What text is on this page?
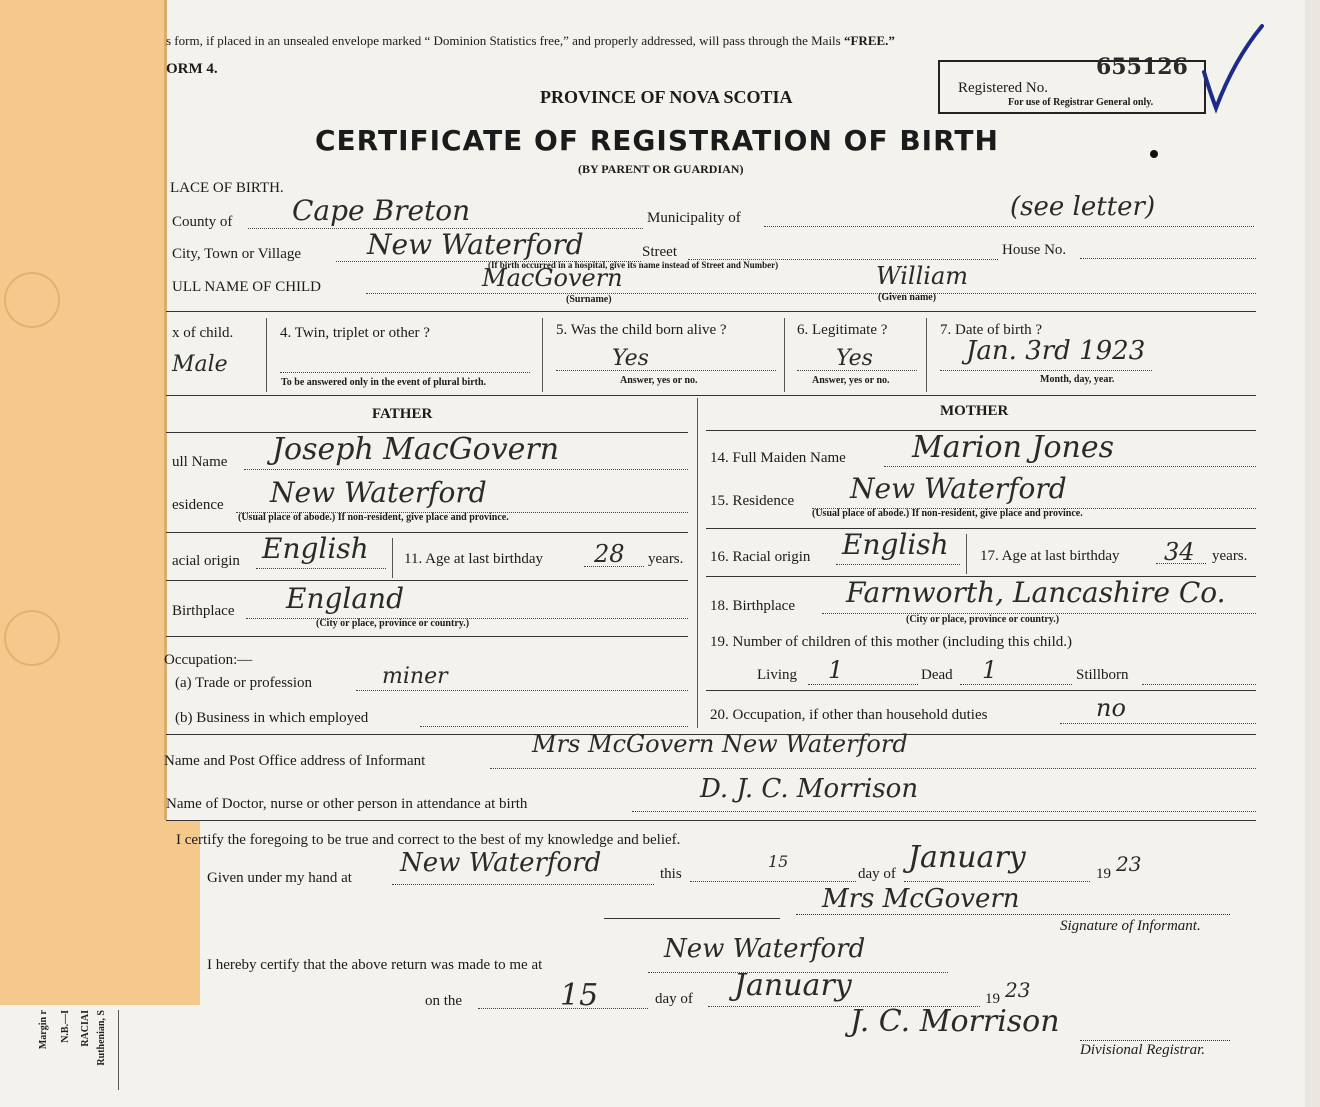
s form, if placed in an unsealed envelope marked “ Dominion Statistics free,” and properly addressed, will pass through the Mails “FREE.”
ORM 4.
PROVINCE OF NOVA SCOTIA
CERTIFICATE OF REGISTRATION OF BIRTH
(BY PARENT OR GUARDIAN)
Registered No.
For use of Registrar General only.
655126
LACE OF BIRTH.
County of Cape Breton	Municipality of	(see letter)
City, Town or Village New Waterford	Street	House No.
(If birth occurred in a hospital, give its name instead of Street and Number)
ULL NAME OF CHILD	MacGovern
(Surname)
William
(Given name)
x of child.
Male
4. Twin, triplet or other ?
To be answered only in the event of plural birth.
5. Was the child born alive ?
Yes
Answer, yes or no.
6. Legitimate ?
Yes
Answer, yes or no.
7. Date of birth ?
Jan. 3rd 1923
Month, day, year.
FATHER	MOTHER
ull Name Joseph MacGovern
esidence New Waterford
(Usual place of abode.) If non-resident, give place and province.
acial origin English 11. Age at last birthday 28 years.
Birthplace England
(City or place, province or country.)
Occupation:—
(a) Trade or profession	miner
(b) Business in which employed
14. Full Maiden Name Marion Jones
15. Residence New Waterford
(Usual place of abode.) If non-resident, give place and province.
16. Racial origin English 17. Age at last birthday 34 years.
18. Birthplace Farnworth, Lancashire Co.
(City or place, province or country.)
19. Number of children of this mother (including this child.)
Living 1	Dead 1	Stillborn
20. Occupation, if other than household duties	no
Name and Post Office address of Informant
Mrs McGovern New Waterford
Name of Doctor, nurse or other person in attendance at birth	D. J. C. Morrison
I certify the foregoing to be true and correct to the best of my knowledge and belief.
Given under my hand at New Waterford	this
15
day of January	19 23
Mrs McGovern
Signature of Informant.
I hereby certify that the above return was made to me at
New Waterford
on the	15	day of January	19 23
J. C. Morrison
Divisional Registrar.
Margin r N.B.—I RACIAI Ruthenian, S
